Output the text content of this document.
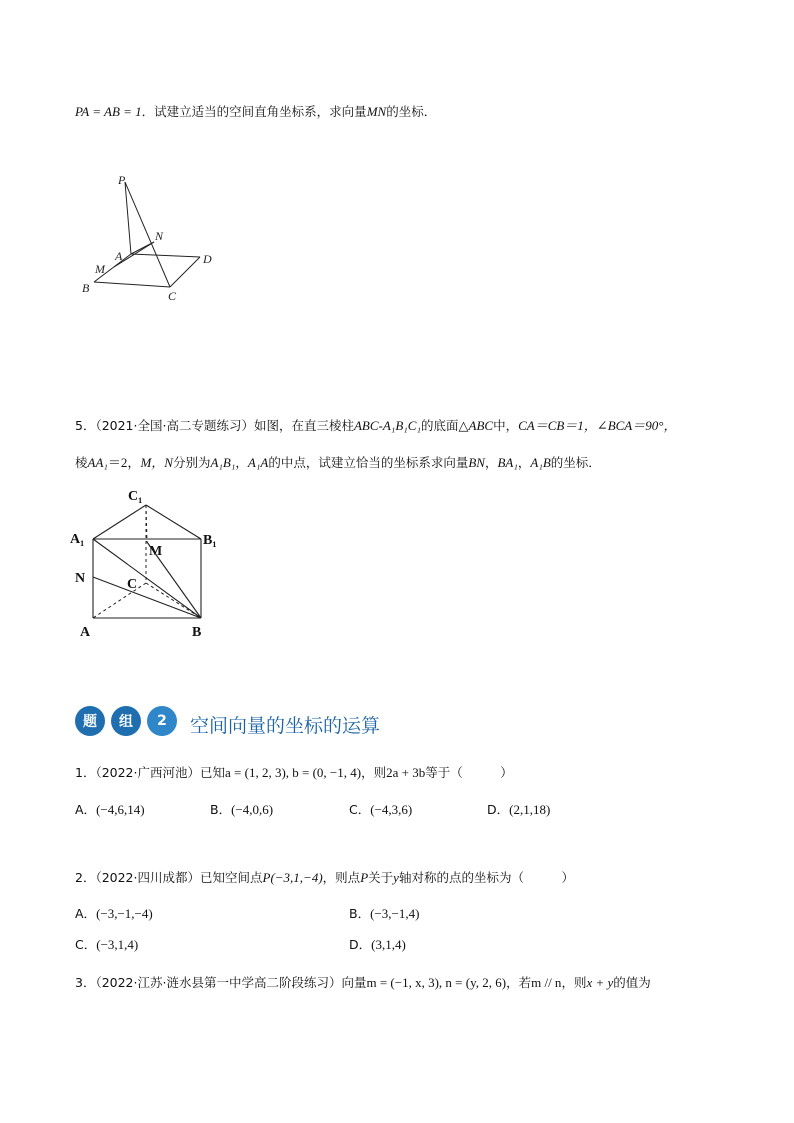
PA = AB = 1．试建立适当的空间直角坐标系，求向量MN的坐标．
P
N
A
M
D
B
C
5．（2021·全国·高二专题练习）如图，在直三棱柱ABC-A₁B₁C₁的底面△ABC中，CA＝CB＝1，∠BCA＝90°，
棱AA₁＝2，M，N分别为A₁B₁，A₁A的中点，试建立恰当的坐标系求向量BN，BA₁，A₁B的坐标．
C₁
A₁
M
B₁
N	C
A	B
题	组	2	空间向量的坐标的运算
1．（2022·广西河池）已知a = (1, 2, 3), b = (0, −1, 4)，则2a + 3b等于（　　　）
A．(−4,6,14)	B．(−4,0,6)	C．(−4,3,6)	D．(2,1,18)
2．（2022·四川成都）已知空间点P(−3,1,−4)，则点P关于y轴对称的点的坐标为（　　　）
A．(−3,−1,−4)	B．(−3,−1,4)
C．(−3,1,4)	D．(3,1,4)
3．（2022·江苏·涟水县第一中学高二阶段练习）向量m = (−1, x, 3), n = (y, 2, 6)，若m // n，则x + y的值为
